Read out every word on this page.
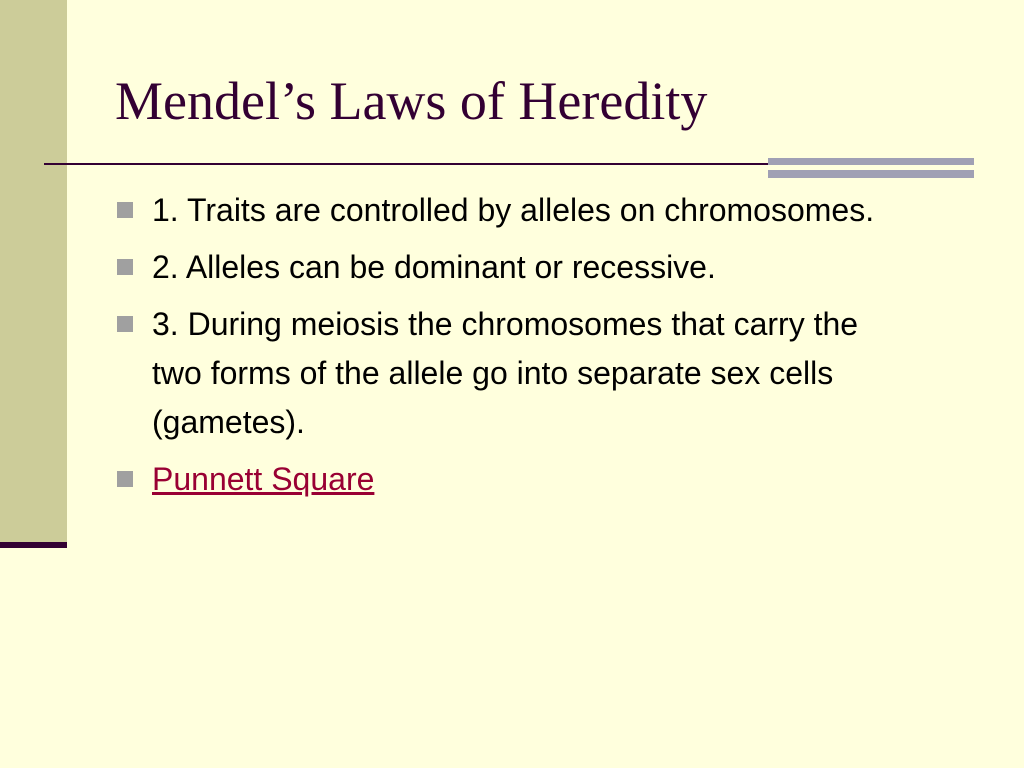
Mendel’s Laws of Heredity
1. Traits are controlled by alleles on chromosomes.
2. Alleles can be dominant or recessive.
3. During meiosis the chromosomes that carry the two forms of the allele go into separate sex cells (gametes).
Punnett Square
